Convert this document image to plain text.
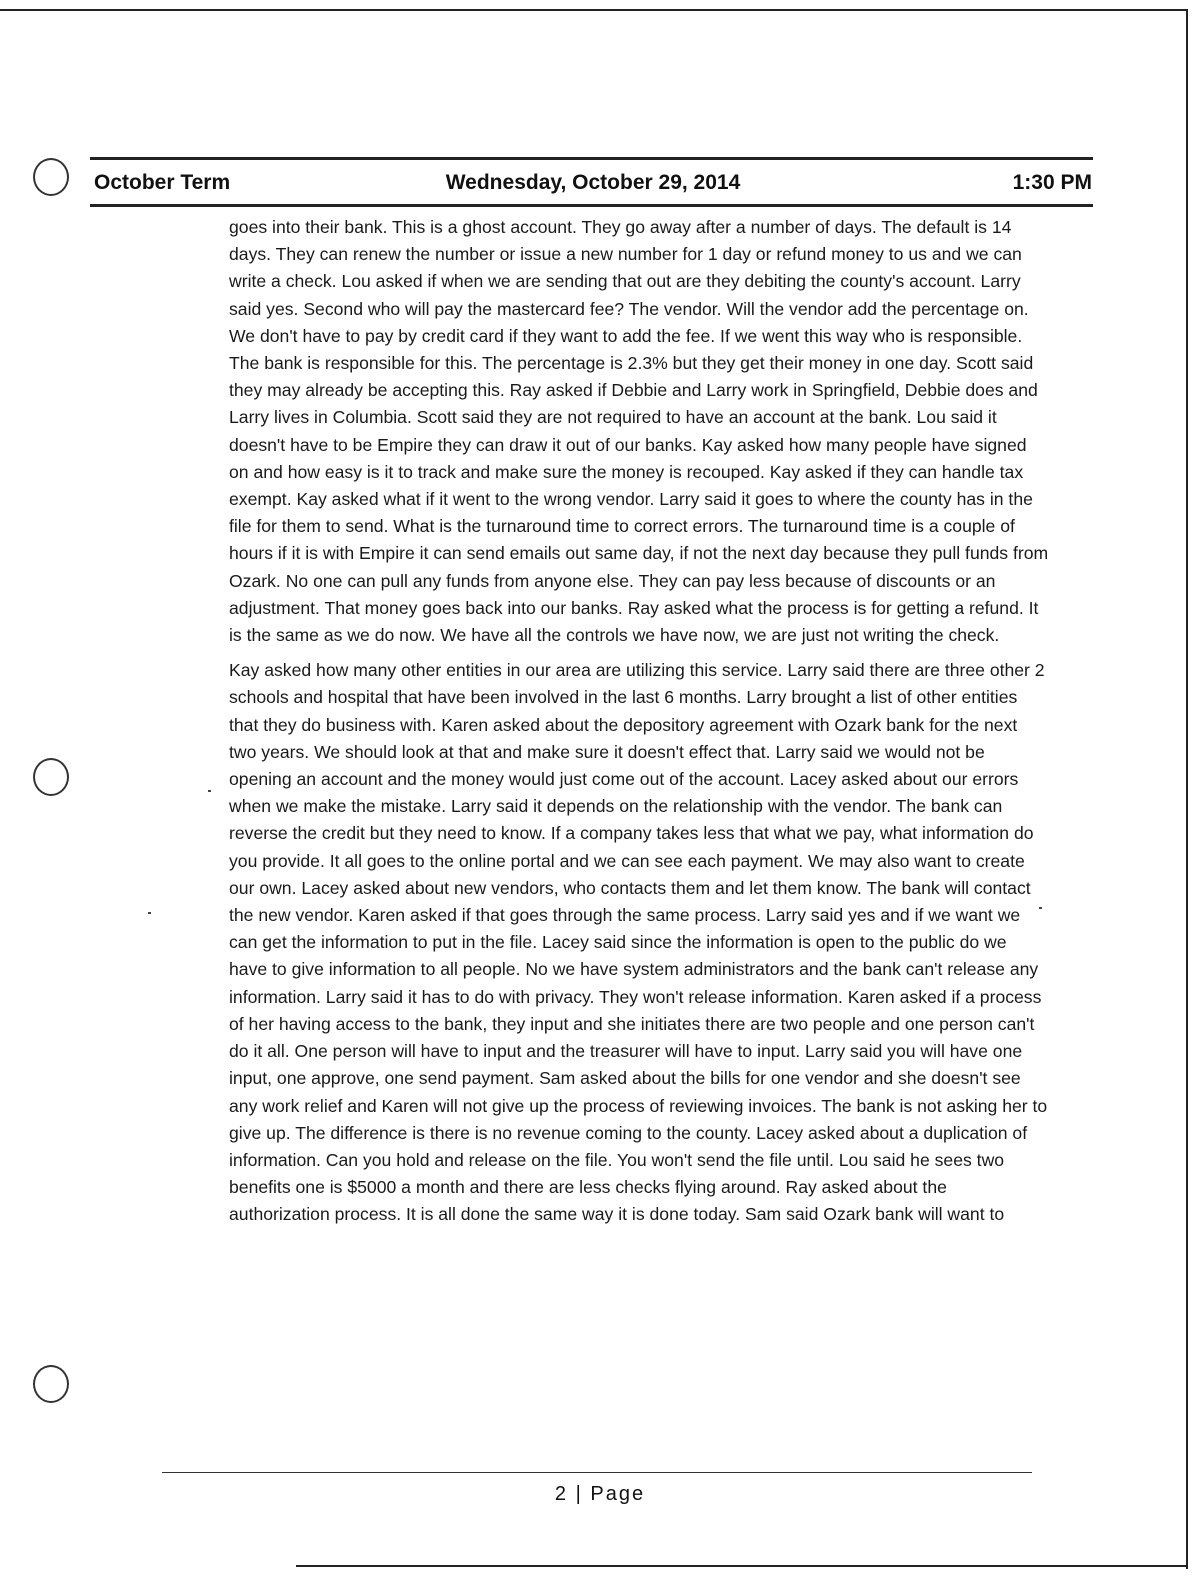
October Term	Wednesday, October 29, 2014	1:30 PM

goes into their bank. This is a ghost account. They go away after a number of days. The default is 14 days. They can renew the number or issue a new number for 1 day or refund money to us and we can write a check. Lou asked if when we are sending that out are they debiting the county's account. Larry said yes. Second who will pay the mastercard fee? The vendor. Will the vendor add the percentage on. We don't have to pay by credit card if they want to add the fee. If we went this way who is responsible. The bank is responsible for this. The percentage is 2.3% but they get their money in one day. Scott said they may already be accepting this. Ray asked if Debbie and Larry work in Springfield, Debbie does and Larry lives in Columbia. Scott said they are not required to have an account at the bank. Lou said it doesn't have to be Empire they can draw it out of our banks. Kay asked how many people have signed on and how easy is it to track and make sure the money is recouped. Kay asked if they can handle tax exempt. Kay asked what if it went to the wrong vendor. Larry said it goes to where the county has in the file for them to send. What is the turnaround time to correct errors. The turnaround time is a couple of hours if it is with Empire it can send emails out same day, if not the next day because they pull funds from Ozark. No one can pull any funds from anyone else. They can pay less because of discounts or an adjustment. That money goes back into our banks. Ray asked what the process is for getting a refund. It is the same as we do now. We have all the controls we have now, we are just not writing the check.

Kay asked how many other entities in our area are utilizing this service. Larry said there are three other 2 schools and hospital that have been involved in the last 6 months. Larry brought a list of other entities that they do business with. Karen asked about the depository agreement with Ozark bank for the next two years. We should look at that and make sure it doesn't effect that. Larry said we would not be opening an account and the money would just come out of the account. Lacey asked about our errors when we make the mistake. Larry said it depends on the relationship with the vendor. The bank can reverse the credit but they need to know. If a company takes less that what we pay, what information do you provide. It all goes to the online portal and we can see each payment. We may also want to create our own. Lacey asked about new vendors, who contacts them and let them know. The bank will contact the new vendor. Karen asked if that goes through the same process. Larry said yes and if we want we can get the information to put in the file. Lacey said since the information is open to the public do we have to give information to all people. No we have system administrators and the bank can't release any information. Larry said it has to do with privacy. They won't release information. Karen asked if a process of her having access to the bank, they input and she initiates there are two people and one person can't do it all. One person will have to input and the treasurer will have to input. Larry said you will have one input, one approve, one send payment. Sam asked about the bills for one vendor and she doesn't see any work relief and Karen will not give up the process of reviewing invoices. The bank is not asking her to give up. The difference is there is no revenue coming to the county. Lacey asked about a duplication of information. Can you hold and release on the file. You won't send the file until. Lou said he sees two benefits one is $5000 a month and there are less checks flying around. Ray asked about the authorization process. It is all done the same way it is done today. Sam said Ozark bank will want to

2 | Page
